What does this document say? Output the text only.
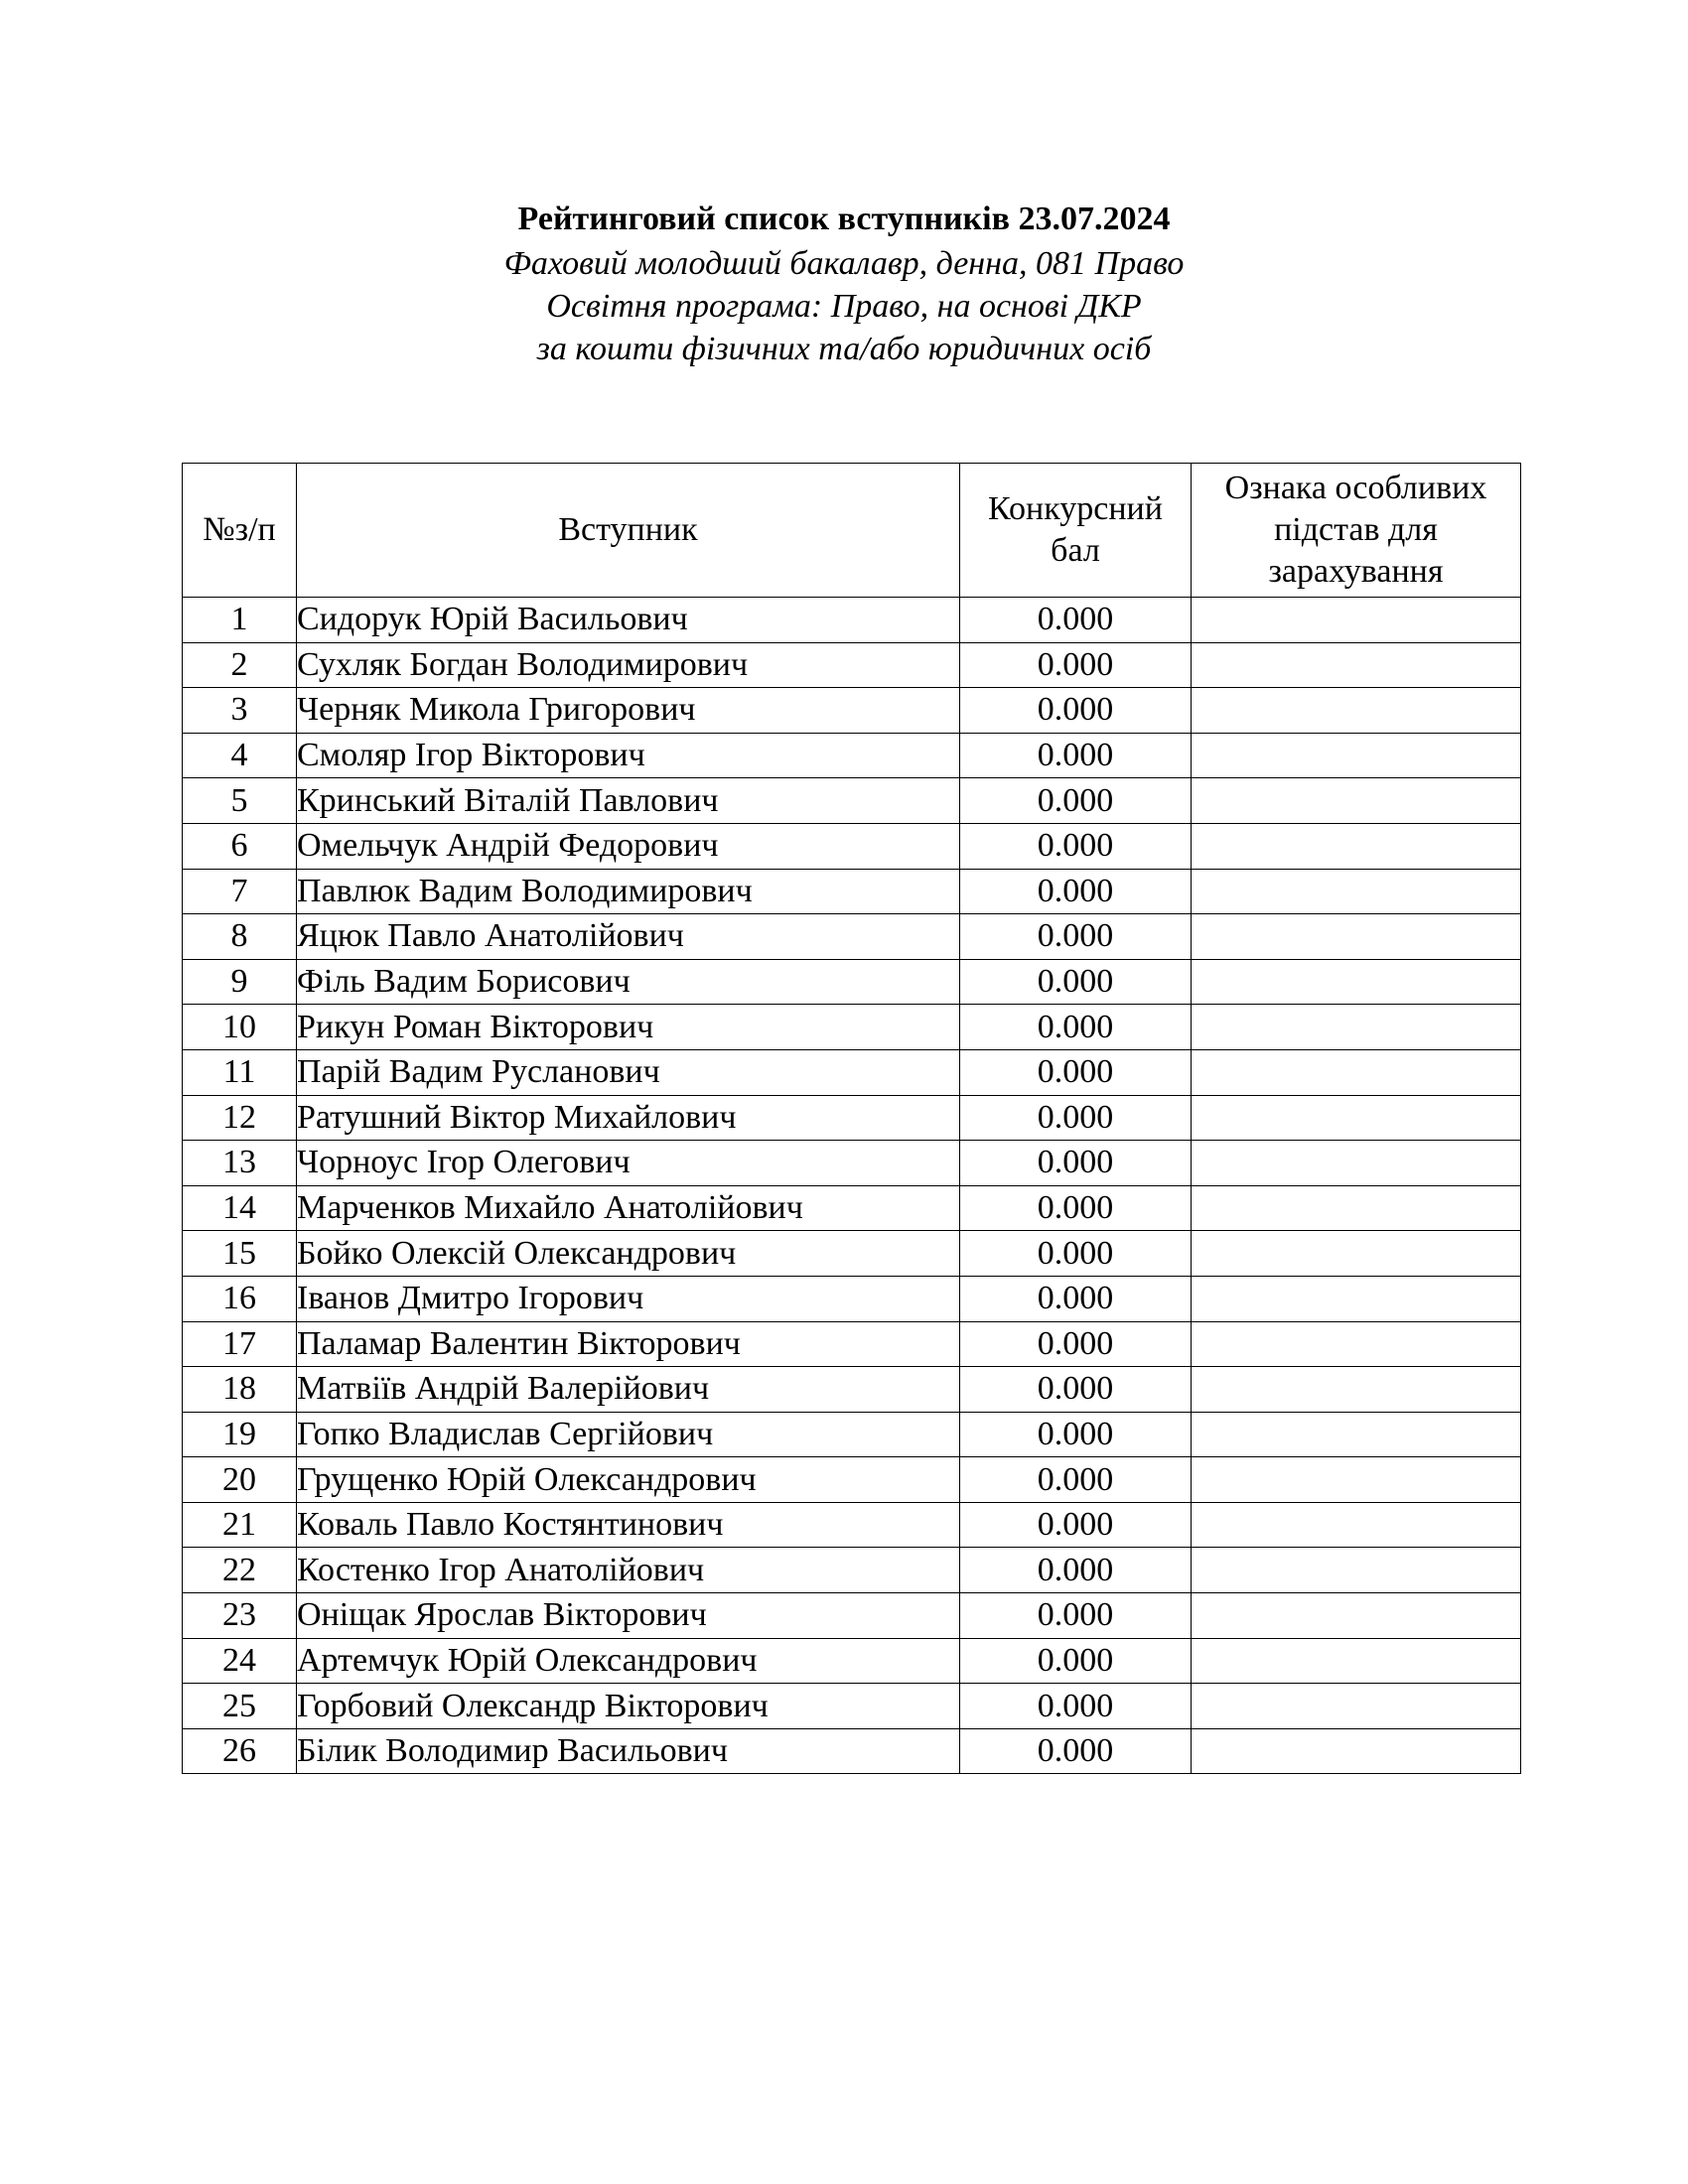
Рейтинговий список вступників 23.07.2024

Фаховий молодший бакалавр, денна, 081 Право

Освітня програма: Право, на основі ДКР

за кошти фізичних та/або юридичних осіб

№з/п	Вступник	Конкурсний бал	Ознака особливих підстав для зарахування
1	Сидорук Юрій Васильович	0.000	
2	Сухляк Богдан Володимирович	0.000	
3	Черняк Микола Григорович	0.000	
4	Смоляр Ігор Вікторович	0.000	
5	Кринський Віталій Павлович	0.000	
6	Омельчук Андрій Федорович	0.000	
7	Павлюк Вадим Володимирович	0.000	
8	Яцюк Павло Анатолійович	0.000	
9	Філь Вадим Борисович	0.000	
10	Рикун Роман Вікторович	0.000	
11	Парій Вадим Русланович	0.000	
12	Ратушний Віктор Михайлович	0.000	
13	Чорноус Ігор Олегович	0.000	
14	Марченков Михайло Анатолійович	0.000	
15	Бойко Олексій Олександрович	0.000	
16	Іванов Дмитро Ігорович	0.000	
17	Паламар Валентин Вікторович	0.000	
18	Матвіїв Андрій Валерійович	0.000	
19	Гопко Владислав Сергійович	0.000	
20	Грущенко Юрій Олександрович	0.000	
21	Коваль Павло Костянтинович	0.000	
22	Костенко Ігор Анатолійович	0.000	
23	Оніщак Ярослав Вікторович	0.000	
24	Артемчук Юрій Олександрович	0.000	
25	Горбовий Олександр Вікторович	0.000	
26	Білик Володимир Васильович	0.000	
